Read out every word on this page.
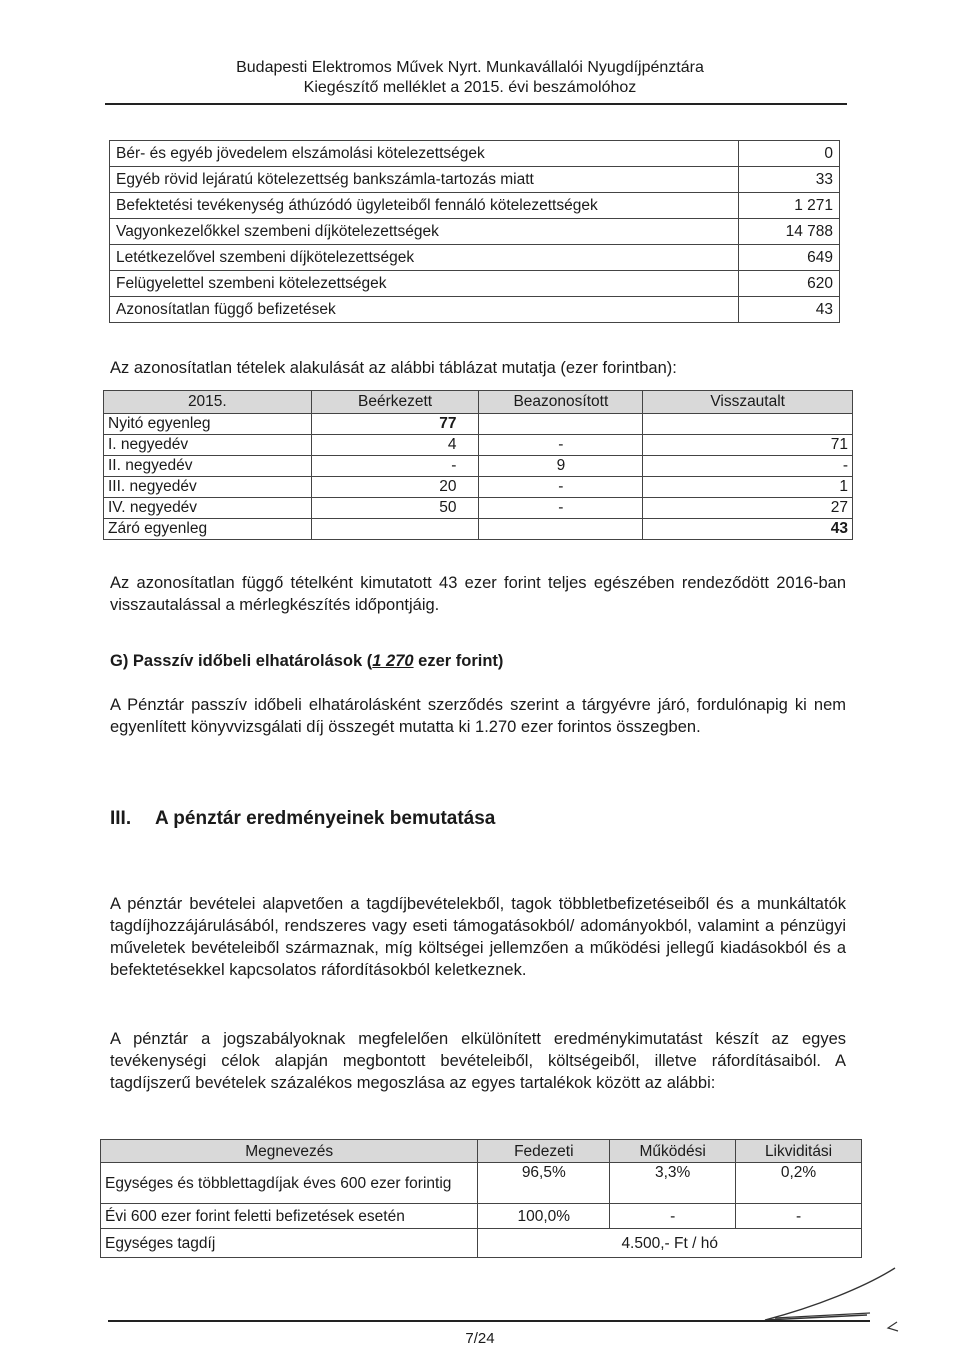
Budapesti Elektromos Művek Nyrt. Munkavállalói Nyugdíjpénztára
Kiegészítő melléklet a 2015. évi beszámolóhoz
Bér- és egyéb jövedelem elszámolási kötelezettségek	0
Egyéb rövid lejáratú kötelezettség bankszámla-tartozás miatt	33
Befektetési tevékenység áthúzódó ügyleteiből fennáló kötelezettségek	1 271
Vagyonkezelőkkel szembeni díjkötelezettségek	14 788
Letétkezelővel szembeni díjkötelezettségek	649
Felügyelettel szembeni kötelezettségek	620
Azonosítatlan függő befizetések	43
Az azonosítatlan tételek alakulását az alábbi táblázat mutatja (ezer forintban):
2015.	Beérkezett	Beazonosított	Visszautalt
Nyitó egyenleg	77		
I. negyedév	4	-	71
II. negyedév	-	9	-
III. negyedév	20	-	1
IV. negyedév	50	-	27
Záró egyenleg			43
Az azonosítatlan függő tételként kimutatott 43 ezer forint teljes egészében rendeződött 2016-ban visszautalással a mérlegkészítés időpontjáig.
G) Passzív időbeli elhatárolások (1 270 ezer forint)
A Pénztár passzív időbeli elhatárolásként szerződés szerint a tárgyévre járó, fordulónapig ki nem egyenlített könyvvizsgálati díj összegét mutatta ki 1.270 ezer forintos összegben.
III. A pénztár eredményeinek bemutatása
A pénztár bevételei alapvetően a tagdíjbevételekből, tagok többletbefizetéseiből és a munkáltatók tagdíjhozzájárulásából, rendszeres vagy eseti támogatásokból/ adományokból, valamint a pénzügyi műveletek bevételeiből származnak, míg költségei jellemzően a működési jellegű kiadásokból és a befektetésekkel kapcsolatos ráfordításokból keletkeznek.
A pénztár a jogszabályoknak megfelelően elkülönített eredménykimutatást készít az egyes tevékenységi célok alapján megbontott bevételeiből, költségeiből, illetve ráfordításaiból. A tagdíjszerű bevételek százalékos megoszlása az egyes tartalékok között az alábbi:
Megnevezés	Fedezeti	Működési	Likviditási
Egységes és többlettagdíjak éves 600 ezer forintig	96,5%	3,3%	0,2%
Évi 600 ezer forint feletti befizetések esetén	100,0%	-	-
Egységes tagdíj	4.500,- Ft / hó		
7/24
